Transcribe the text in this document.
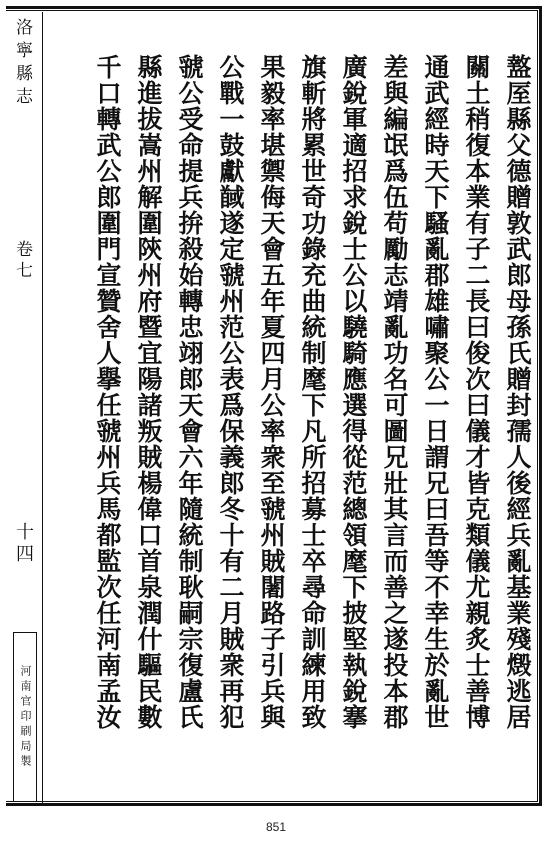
洛寧縣志
卷七
十四
河南官印刷局製	盩厔縣父德贈敦武郎母孫氏贈封孺人後經兵亂基業殘燬逃居
關土稍復本業有子二長曰俊次曰儀才皆克類儀尤親炙士善博
通武經時天下騷亂郡雄嘯聚公一日謂兄曰吾等不幸生於亂世
差與編氓爲伍苟勵志靖亂功名可圖兄壯其言而善之遂投本郡
廣銳軍適招求銳士公以驍騎應選得從范總領麾下披堅執銳搴
旗斬將累世奇功錄充曲統制麾下凡所招募士卒尋命訓練用致
果毅率堪禦侮天會五年夏四月公率衆至虢州賊闍路子引兵與
公戰一鼓獻馘遂定虢州范公表爲保義郎冬十有二月賊衆再犯
虢公受命提兵拚殺始轉忠翊郎天會六年隨統制耿嗣宗復盧氏
縣進拔嵩州解圍陝州府暨宜陽諸叛賊楊偉口首泉潤什驅民數
千口轉武公郎圍門宣贊舍人擧任虢州兵馬都監次任河南孟汝
851
